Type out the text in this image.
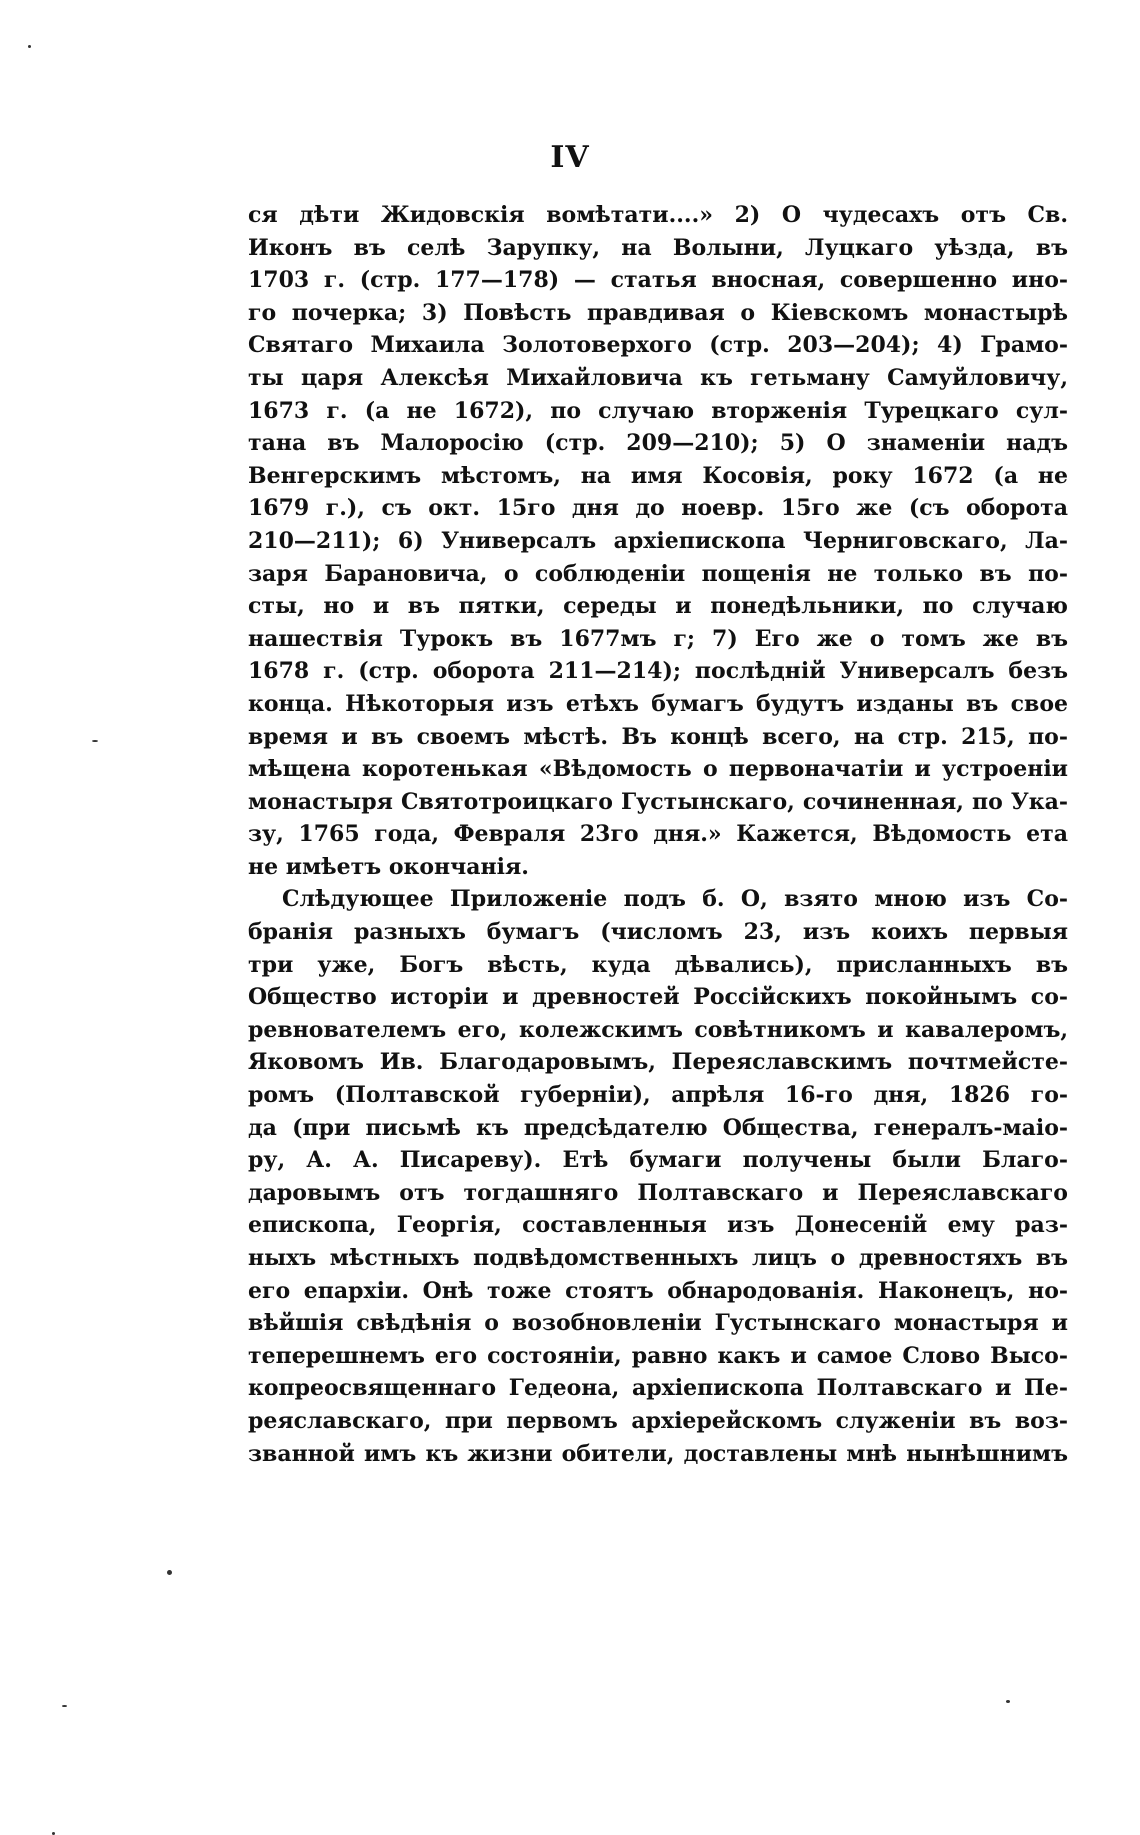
IV
ся дѣти Жидовскія вомѣтати....» 2) О чудесахъ отъ Св.
Иконъ въ селѣ Зарупку, на Волыни, Луцкаго уѣзда, въ
1703 г. (стр. 177—178) — статья вносная, совершенно ино-
го почерка; 3) Повѣсть правдивая о Кіевскомъ монастырѣ
Святаго Михаила Золотоверхого (стр. 203—204); 4) Грамо-
ты царя Алексѣя Михайловича къ гетьману Самуйловичу,
1673 г. (а не 1672), по случаю вторженія Турецкаго сул-
тана въ Малоросію (стр. 209—210); 5) О знаменіи надъ
Венгерскимъ мѣстомъ, на имя Косовія, року 1672 (а не
1679 г.), съ окт. 15го дня до ноевр. 15го же (съ оборота
210—211); 6) Универсалъ архіепископа Черниговскаго, Ла-
заря Барановича, о соблюденіи пощенія не только въ по-
сты, но и въ пятки, середы и понедѣльники, по случаю
нашествія Турокъ въ 1677мъ г; 7) Его же о томъ же въ
1678 г. (стр. оборота 211—214); послѣдній Универсалъ безъ
конца. Нѣкоторыя изъ етѣхъ бумагъ будутъ изданы въ свое
время и въ своемъ мѣстѣ. Въ концѣ всего, на стр. 215, по-
мѣщена коротенькая «Вѣдомость о первоначатіи и устроеніи
монастыря Святотроицкаго Густынскаго, сочиненная, по Ука-
зу, 1765 года, Февраля 23го дня.» Кажется, Вѣдомость ета
не имѣетъ окончанія.
Слѣдующее Приложеніе подъ б. О, взято мною изъ Со-
бранія разныхъ бумагъ (числомъ 23, изъ коихъ первыя
три уже, Богъ вѣсть, куда дѣвались), присланныхъ въ
Общество исторіи и древностей Россійскихъ покойнымъ со-
ревнователемъ его, колежскимъ совѣтникомъ и кавалеромъ,
Яковомъ Ив. Благодаровымъ, Переяславскимъ почтмейсте-
ромъ (Полтавской губерніи), апрѣля 16-го дня, 1826 го-
да (при письмѣ къ предсѣдателю Общества, генералъ-маіо-
ру, А. А. Писареву). Етѣ бумаги получены были Благо-
даровымъ отъ тогдашняго Полтавскаго и Переяславскаго
епископа, Георгія, составленныя изъ Донесеній ему раз-
ныхъ мѣстныхъ подвѣдомственныхъ лицъ о древностяхъ въ
его епархіи. Онѣ тоже стоятъ обнародованія. Наконецъ, но-
вѣйшія свѣдѣнія о возобновленіи Густынскаго монастыря и
теперешнемъ его состояніи, равно какъ и самое Слово Высо-
копреосвященнаго Гедеона, архіепископа Полтавскаго и Пе-
реяславскаго, при первомъ архіерейскомъ служеніи въ воз-
званной имъ къ жизни обители, доставлены мнѣ нынѣшнимъ
